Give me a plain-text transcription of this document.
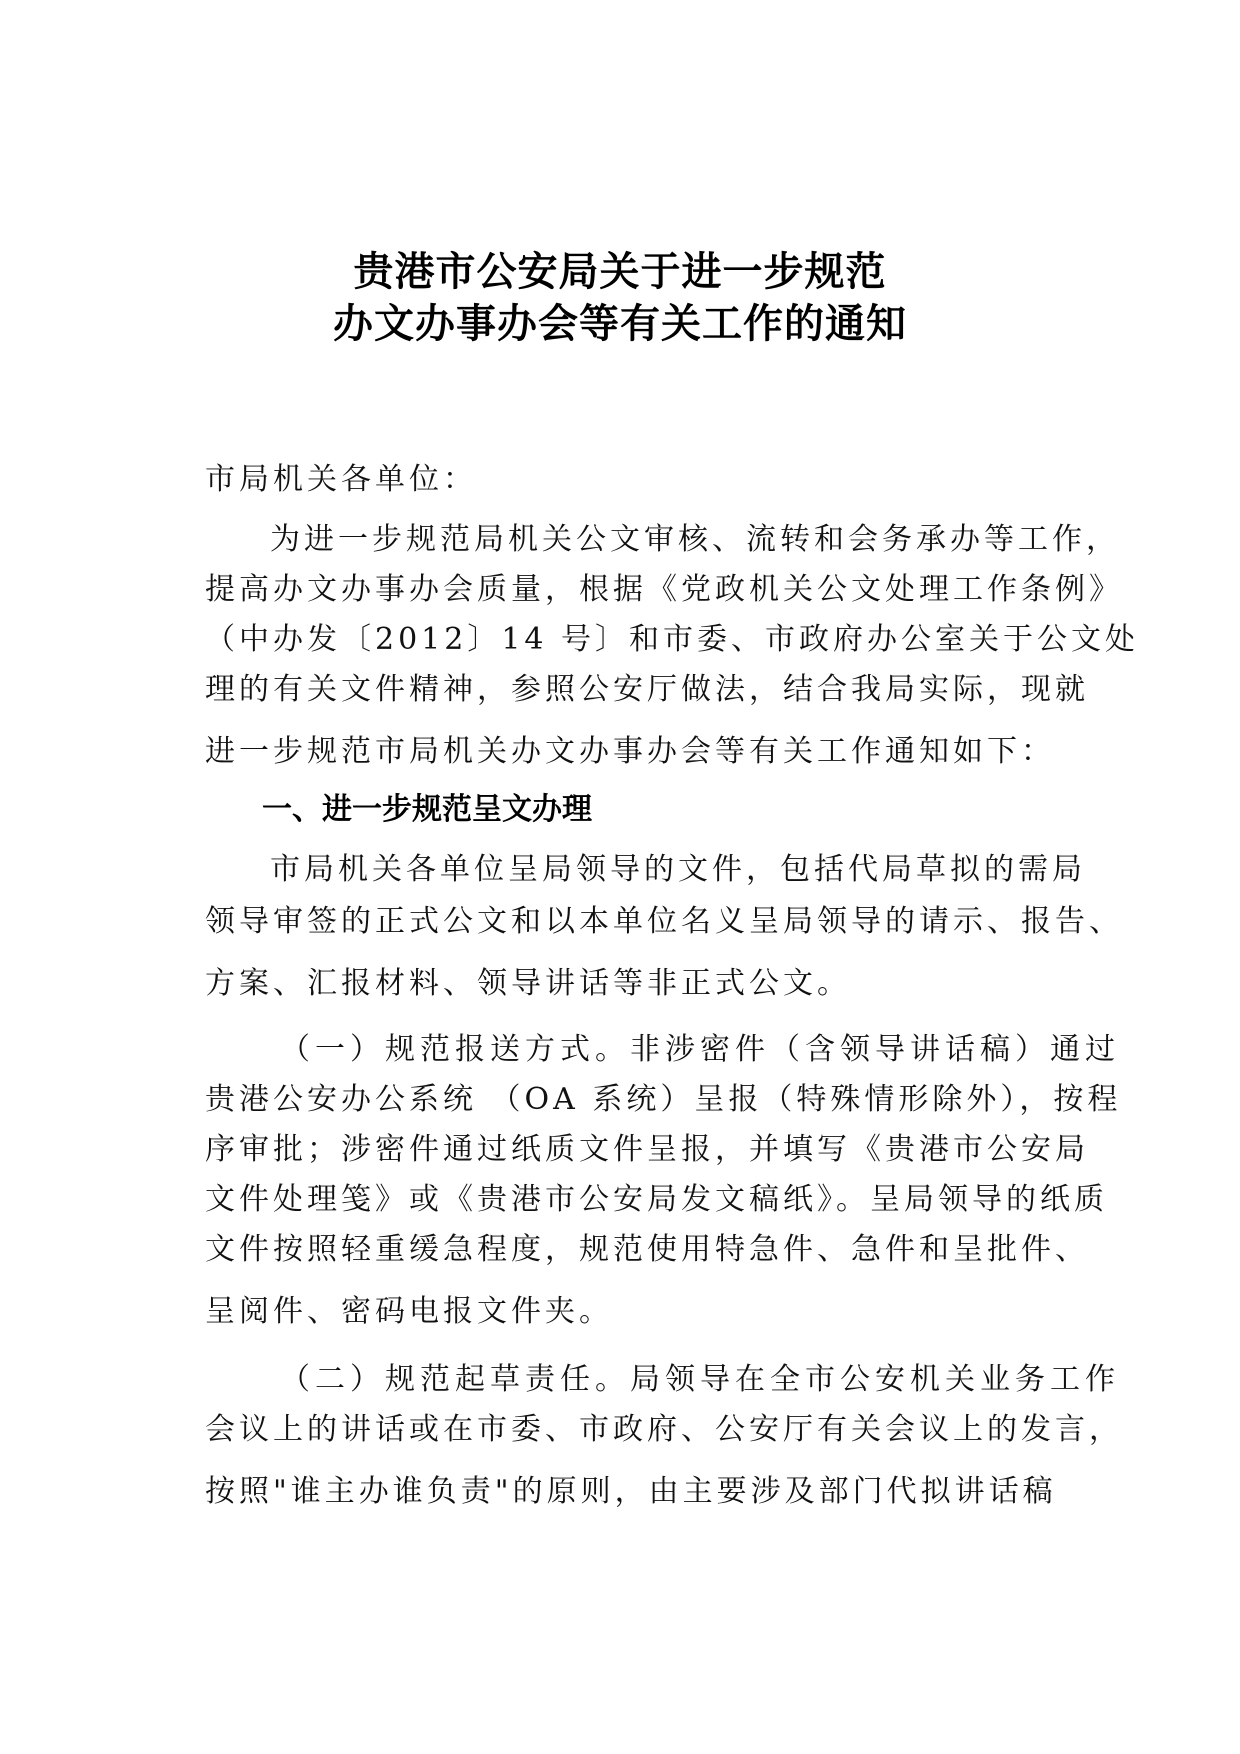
贵港市公安局关于进一步规范
办文办事办会等有关工作的通知
市局机关各单位：
为进一步规范局机关公文审核、流转和会务承办等工作，
提高办文办事办会质量，根据《党政机关公文处理工作条例》
（中办发〔2012〕14 号〕和市委、市政府办公室关于公文处
理的有关文件精神，参照公安厅做法，结合我局实际，现就
进一步规范市局机关办文办事办会等有关工作通知如下：
一、进一步规范呈文办理
市局机关各单位呈局领导的文件，包括代局草拟的需局
领导审签的正式公文和以本单位名义呈局领导的请示、报告、
方案、汇报材料、领导讲话等非正式公文。
（一）规范报送方式。非涉密件（含领导讲话稿）通过
贵港公安办公系统 （OA 系统）呈报（特殊情形除外），按程
序审批；涉密件通过纸质文件呈报，并填写《贵港市公安局
文件处理笺》或《贵港市公安局发文稿纸》。呈局领导的纸质
文件按照轻重缓急程度，规范使用特急件、急件和呈批件、
呈阅件、密码电报文件夹。
（二）规范起草责任。局领导在全市公安机关业务工作
会议上的讲话或在市委、市政府、公安厅有关会议上的发言，
按照"谁主办谁负责"的原则，由主要涉及部门代拟讲话稿
